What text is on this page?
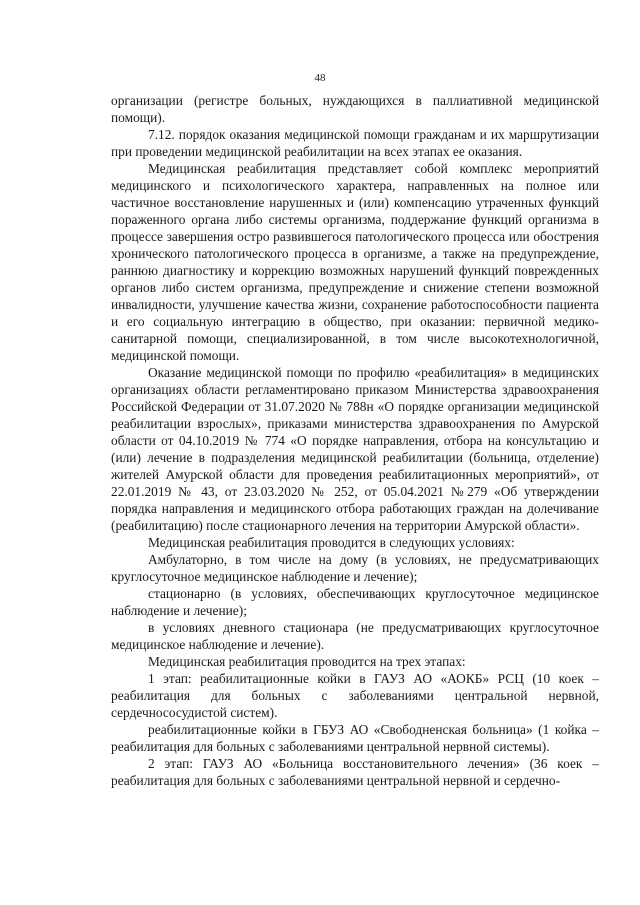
48

организации (регистре больных, нуждающихся в паллиативной медицинской помощи).

7.12. порядок оказания медицинской помощи гражданам и их маршрутизации при проведении медицинской реабилитации на всех этапах ее оказания.

Медицинская реабилитация представляет собой комплекс мероприятий медицинского и психологического характера, направленных на полное или частичное восстановление нарушенных и (или) компенсацию утраченных функций пораженного органа либо системы организма, поддержание функций организма в процессе завершения остро развившегося патологического процесса или обострения хронического патологического процесса в организме, а также на предупреждение, раннюю диагностику и коррекцию возможных нарушений функций поврежденных органов либо систем организма, предупреждение и снижение степени возможной инвалидности, улучшение качества жизни, сохранение работоспособности пациента и его социальную интеграцию в общество, при оказании: первичной медико-санитарной помощи, специализированной, в том числе высокотехнологичной, медицинской помощи.

Оказание медицинской помощи по профилю «реабилитация» в медицинских организациях области регламентировано приказом Министерства здравоохранения Российской Федерации от 31.07.2020 № 788н «О порядке организации медицинской реабилитации взрослых», приказами министерства здравоохранения по Амурской области от 04.10.2019 № 774 «О порядке направления, отбора на консультацию и (или) лечение в подразделения медицинской реабилитации (больница, отделение) жителей Амурской области для проведения реабилитационных мероприятий», от 22.01.2019 № 43, от 23.03.2020 № 252, от 05.04.2021 №279 «Об утверждении порядка направления и медицинского отбора работающих граждан на долечивание (реабилитацию) после стационарного лечения на территории Амурской области».

Медицинская реабилитация проводится в следующих условиях:

Амбулаторно, в том числе на дому (в условиях, не предусматривающих круглосуточное медицинское наблюдение и лечение);

стационарно (в условиях, обеспечивающих круглосуточное медицинское наблюдение и лечение);

в условиях дневного стационара (не предусматривающих круглосуточное медицинское наблюдение и лечение).

Медицинская реабилитация проводится на трех этапах:

1 этап: реабилитационные койки в ГАУЗ АО «АОКБ» РСЦ (10 коек – реабилитация для больных с заболеваниями центральной нервной, сердечнососудистой систем).

реабилитационные койки в ГБУЗ АО «Свободненская больница» (1 койка – реабилитация для больных с заболеваниями центральной нервной системы).

2 этап: ГАУЗ АО «Больница восстановительного лечения» (36 коек – реабилитация для больных с заболеваниями центральной нервной и сердечно-
